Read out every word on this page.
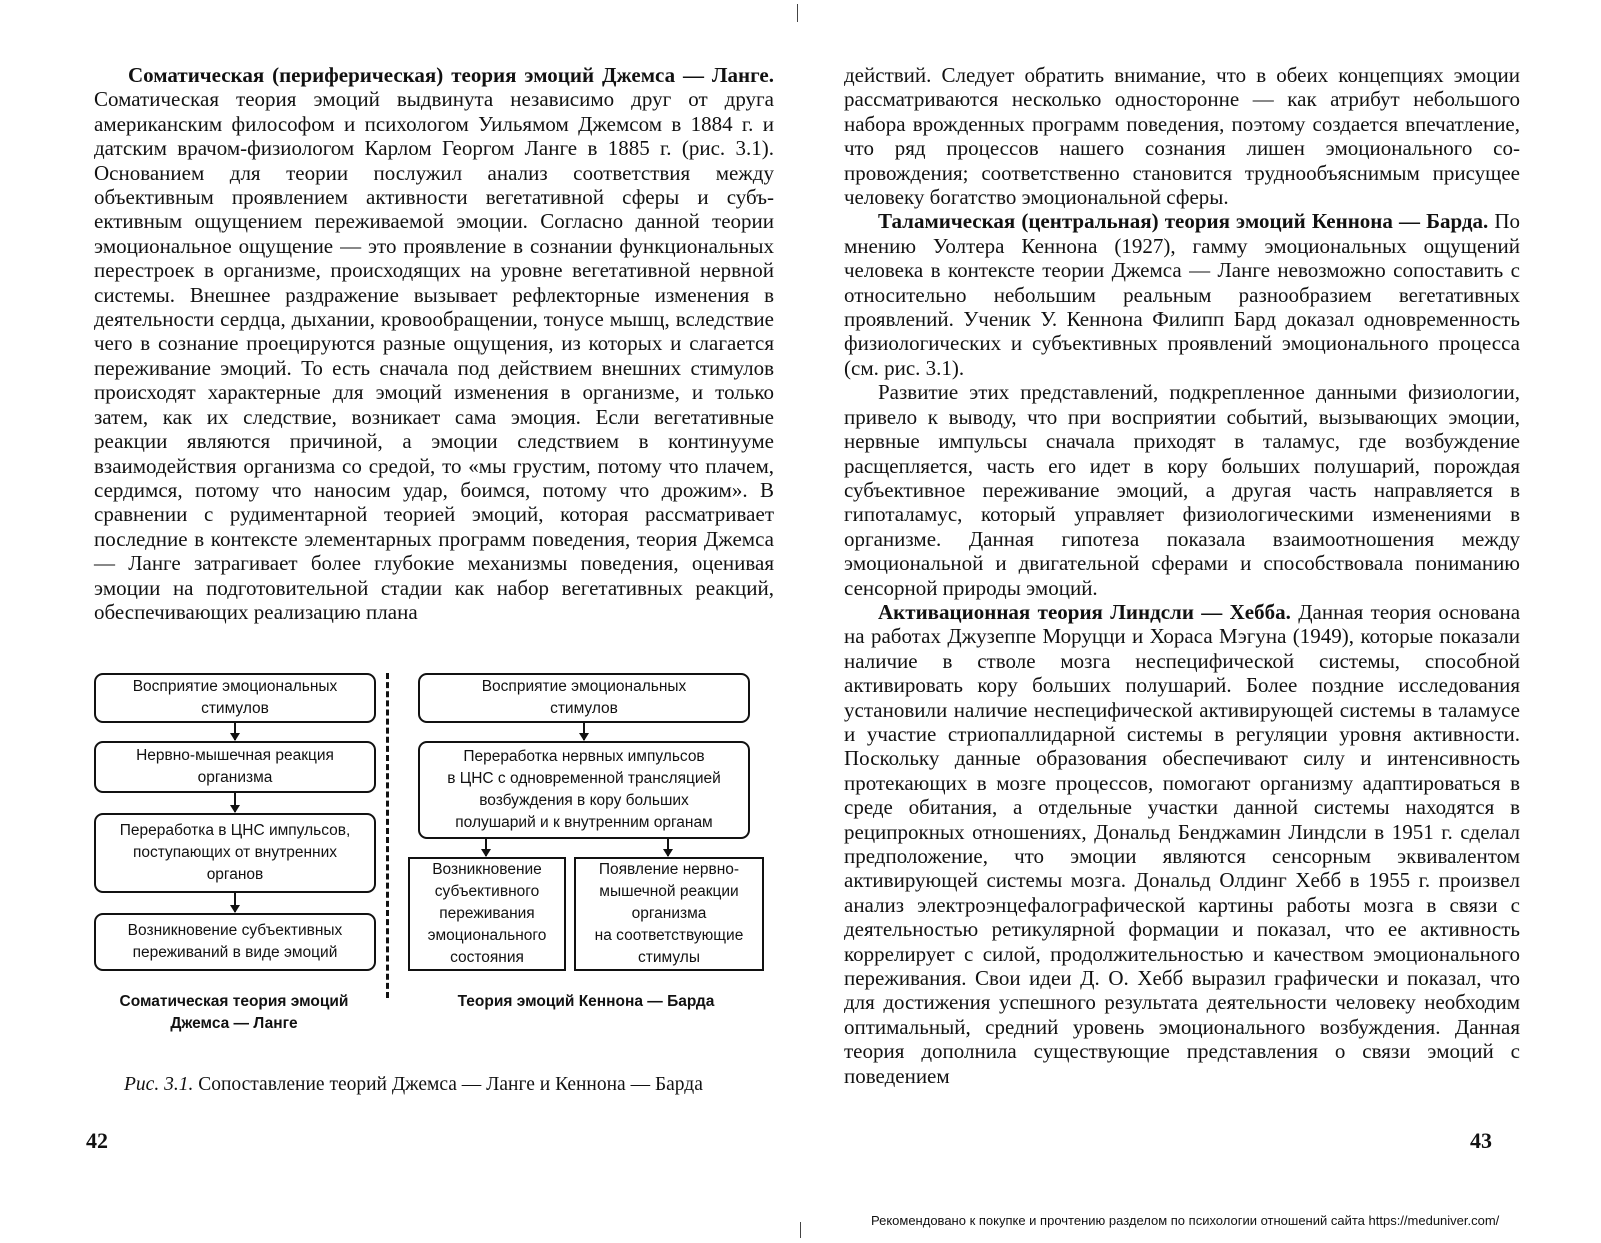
Соматическая (периферическая) теория эмоций Джемса — Ланге. Соматическая теория эмоций выдвинута независимо друг от друга американским философом и психологом Уильямом Джемсом в 1884 г. и датским врачом-физиологом Карлом Георгом Ланге в 1885 г. (рис. 3.1). Основанием для теории послужил анализ соответствия между объективным проявлением активности вегетативной сферы и субъективным ощущением переживаемой эмоции. Согласно данной теории эмоциональное ощущение — это проявление в сознании функциональных перестроек в организме, происходящих на уровне вегетативной нервной системы. Внешнее раздражение вызывает рефлекторные изменения в деятельности сердца, дыхании, кровообращении, тонусе мышц, вследствие чего в сознание проецируются разные ощущения, из которых и слагается переживание эмоций. То есть сначала под действием внешних стимулов происходят характерные для эмоций изменения в организме, и только затем, как их следствие, возникает сама эмоция. Если вегетативные реакции являются причиной, а эмоции следствием в континууме взаимодействия организма со средой, то «мы грустим, потому что плачем, сердимся, потому что наносим удар, боимся, потому что дрожим». В сравнении с рудиментарной теорией эмоций, которая рассматривает последние в контексте элементарных программ поведения, теория Джемса — Ланге затрагивает более глубокие механизмы поведения, оценивая эмоции на подготовительной стадии как набор вегетативных реакций, обеспечивающих реализацию плана

Восприятие эмоциональных
стимулов
Нервно-мышечная реакция
организма
Переработка в ЦНС импульсов,
поступающих от внутренних
органов
Возникновение субъективных
переживаний в виде эмоций
Соматическая теория эмоций
Джемса — Ланге
Восприятие эмоциональных
стимулов
Переработка нервных импульсов
в ЦНС с одновременной трансляцией
возбуждения в кору больших
полушарий и к внутренним органам
Возникновение
субъективного
переживания
эмоционального
состояния
Появление нервно-
мышечной реакции
организма
на соответствующие
стимулы
Теория эмоций Кеннона — Барда
Рис. 3.1. Сопоставление теорий Джемса — Ланге и Кеннона — Барда
42

действий. Следует обратить внимание, что в обеих концепциях эмоции рассматриваются несколько односторонне — как атрибут небольшого набора врожденных программ поведения, поэтому создается впечатление, что ряд процессов нашего сознания лишен эмоционального сопровождения; соответственно становится труднообъяснимым присущее человеку богатство эмоциональной сферы.

Таламическая (центральная) теория эмоций Кеннона — Барда. По мнению Уолтера Кеннона (1927), гамму эмоциональных ощущений человека в контексте теории Джемса — Ланге невозможно сопоставить с относительно небольшим реальным разнообразием вегетативных проявлений. Ученик У. Кеннона Филипп Бард доказал одновременность физиологических и субъективных проявлений эмоционального процесса (см. рис. 3.1).

Развитие этих представлений, подкрепленное данными физиологии, привело к выводу, что при восприятии событий, вызывающих эмоции, нервные импульсы сначала приходят в таламус, где возбуждение расщепляется, часть его идет в кору больших полушарий, порождая субъективное переживание эмоций, а другая часть направляется в гипоталамус, который управляет физиологическими изменениями в организме. Данная гипотеза показала взаимоотношения между эмоциональной и двигательной сферами и способствовала пониманию сенсорной природы эмоций.

Активационная теория Линдсли — Хебба. Данная теория основана на работах Джузеппе Моруцци и Хораса Мэгуна (1949), которые показали наличие в стволе мозга неспецифической системы, способной активировать кору больших полушарий. Более поздние исследования установили наличие неспецифической активирующей системы в таламусе и участие стриопаллидарной системы в регуляции уровня активности. Поскольку данные образования обеспечивают силу и интенсивность протекающих в мозге процессов, помогают организму адаптироваться в среде обитания, а отдельные участки данной системы находятся в реципрокных отношениях, Дональд Бенджамин Линдсли в 1951 г. сделал предположение, что эмоции являются сенсорным эквивалентом активирующей системы мозга. Дональд Олдинг Хебб в 1955 г. произвел анализ электроэнцефалографической картины работы мозга в связи с деятельностью ретикулярной формации и показал, что ее активность коррелирует с силой, продолжительностью и качеством эмоционального переживания. Свои идеи Д. О. Хебб выразил графически и показал, что для достижения успешного результата деятельности человеку необходим оптимальный, средний уровень эмоционального возбуждения. Данная теория дополнила существующие представления о связи эмоций с поведением

43
Рекомендовано к покупке и прочтению разделом по психологии отношений сайта https://meduniver.com/
